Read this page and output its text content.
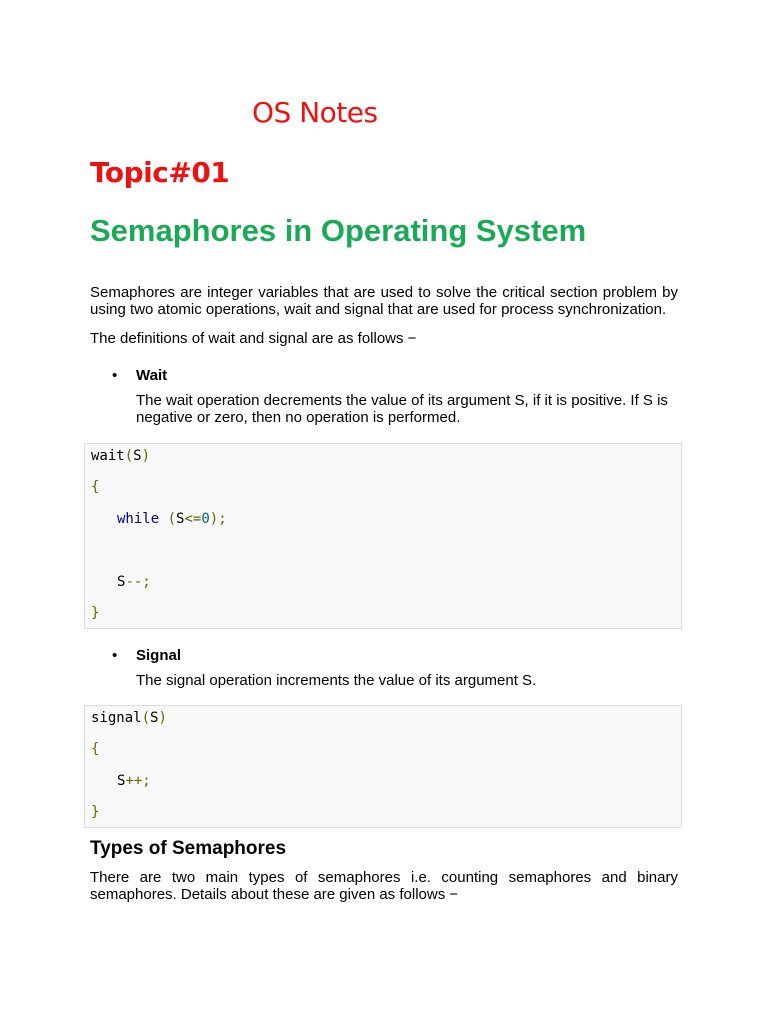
OS Notes
Topic#01
Semaphores in Operating System
Semaphores are integer variables that are used to solve the critical section problem by
using two atomic operations, wait and signal that are used for process synchronization.
The definitions of wait and signal are as follows −
• Wait
The wait operation decrements the value of its argument S, if it is positive. If S is
negative or zero, then no operation is performed.
wait(S)
{
while (S<=0);
S--;
}
• Signal
The signal operation increments the value of its argument S.
signal(S)
{
S++;
}
Types of Semaphores
There are two main types of semaphores i.e. counting semaphores and binary
semaphores. Details about these are given as follows −
